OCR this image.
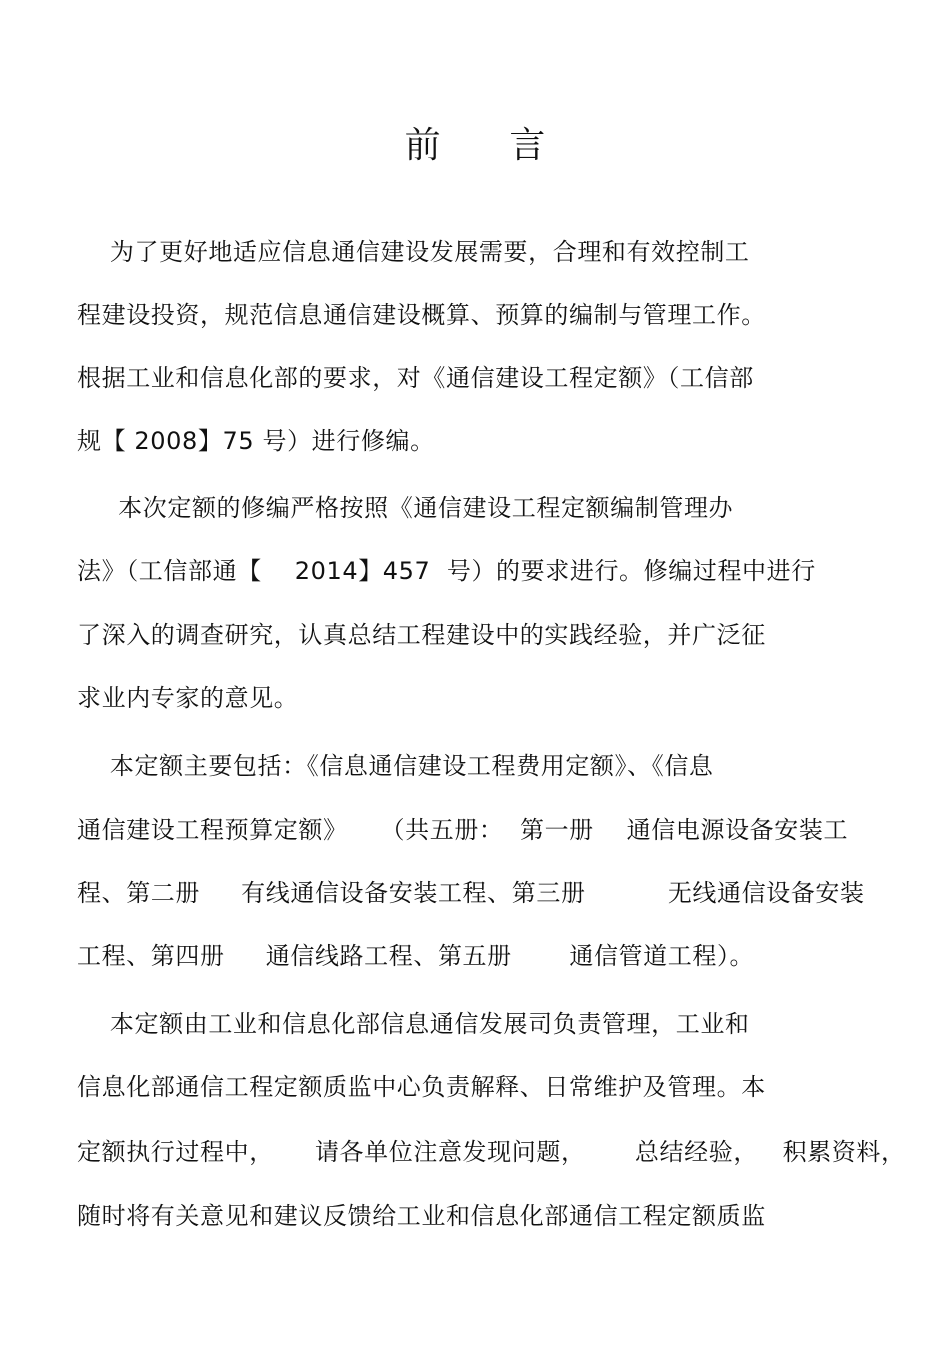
前      言
为了更好地适应信息通信建设发展需要，合理和有效控制工
程建设投资，规范信息通信建设概算、预算的编制与管理工作。
根据工业和信息化部的要求，对《通信建设工程定额》（工信部
规【 2008】75 号）进行修编。
本次定额的修编严格按照《通信建设工程定额编制管理办
法》（工信部通【    2014】457  号）的要求进行。修编过程中进行
了深入的调查研究，认真总结工程建设中的实践经验，并广泛征
求业内专家的意见。
本定额主要包括：《信息通信建设工程费用定额》、《信息
通信建设工程预算定额》    （共五册：  第一册    通信电源设备安装工
程、第二册     有线通信设备安装工程、第三册          无线通信设备安装
工程、第四册     通信线路工程、第五册       通信管道工程）。
本定额由工业和信息化部信息通信发展司负责管理，工业和
信息化部通信工程定额质监中心负责解释、日常维护及管理。本
定额执行过程中，     请各单位注意发现问题，      总结经验，   积累资料，
随时将有关意见和建议反馈给工业和信息化部通信工程定额质监
